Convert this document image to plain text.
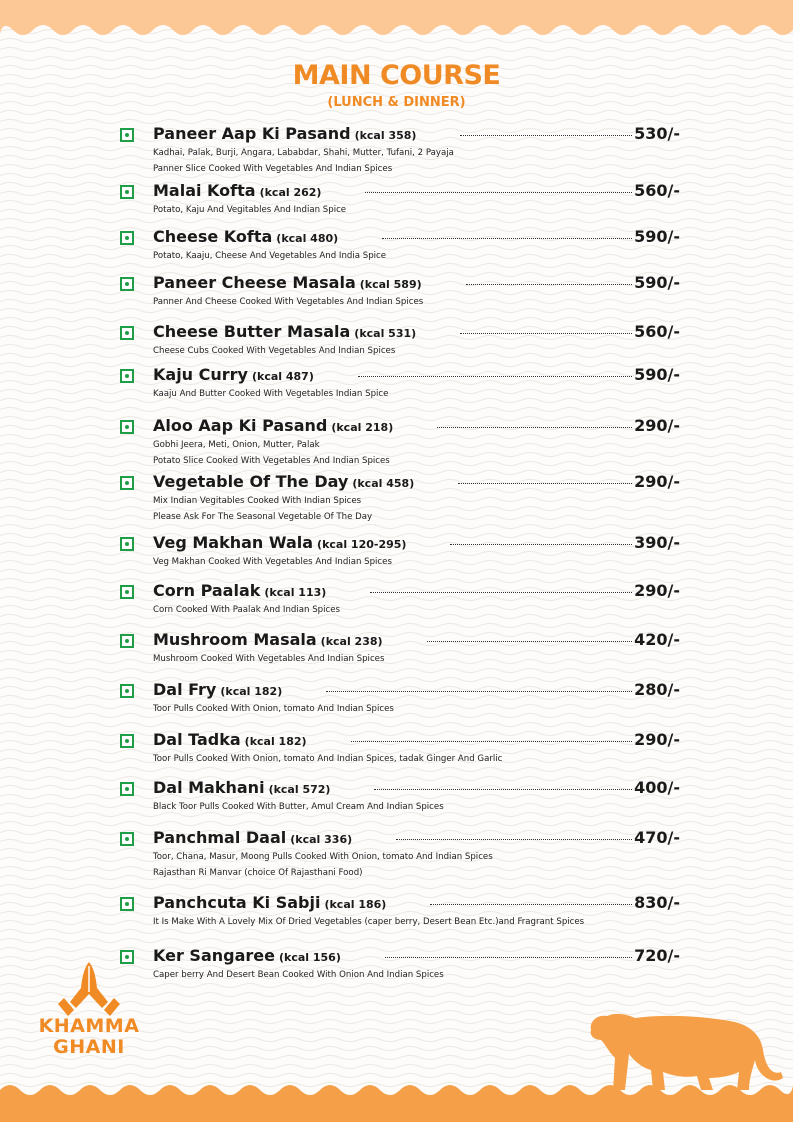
MAIN COURSE
(LUNCH & DINNER)
Paneer Aap Ki Pasand (kcal 358)	530/-
Kadhai, Palak, Burji, Angara, Lababdar, Shahi, Mutter, Tufani, 2 Payaja
Panner Slice Cooked With Vegetables And Indian Spices
Malai Kofta (kcal 262)	560/-
Potato, Kaju And Vegitables And Indian Spice
Cheese Kofta (kcal 480)	590/-
Potato, Kaaju, Cheese And Vegetables And India Spice
Paneer Cheese Masala (kcal 589)	590/-
Panner And Cheese Cooked With Vegetables And Indian Spices
Cheese Butter Masala (kcal 531)	560/-
Cheese Cubs Cooked With Vegetables And Indian Spices
Kaju Curry (kcal 487)	590/-
Kaaju And Butter Cooked With Vegetables Indian Spice
Aloo Aap Ki Pasand (kcal 218)	290/-
Gobhi Jeera, Meti, Onion, Mutter, Palak
Potato Slice Cooked With Vegetables And Indian Spices
Vegetable Of The Day (kcal 458)	290/-
Mix Indian Vegitables Cooked With Indian Spices
Please Ask For The Seasonal Vegetable Of The Day
Veg Makhan Wala (kcal 120-295)	390/-
Veg Makhan Cooked With Vegetables And Indian Spices
Corn Paalak (kcal 113)	290/-
Corn Cooked With Paalak And Indian Spices
Mushroom Masala (kcal 238)	420/-
Mushroom Cooked With Vegetables And Indian Spices
Dal Fry (kcal 182)	280/-
Toor Pulls Cooked With Onion, tomato And Indian Spices
Dal Tadka (kcal 182)	290/-
Toor Pulls Cooked With Onion, tomato And Indian Spices, tadak Ginger And Garlic
Dal Makhani (kcal 572)	400/-
Black Toor Pulls Cooked With Butter, Amul Cream And Indian Spices
Panchmal Daal (kcal 336)	470/-
Toor, Chana, Masur, Moong Pulls Cooked With Onion, tomato And Indian Spices
Rajasthan Ri Manvar (choice Of Rajasthani Food)
Panchcuta Ki Sabji (kcal 186)	830/-
It Is Make With A Lovely Mix Of Dried Vegetables (caper berry, Desert Bean Etc.)and Fragrant Spices
Ker Sangaree (kcal 156)	720/-
Caper berry And Desert Bean Cooked With Onion And Indian Spices
KHAMMA
GHANI
